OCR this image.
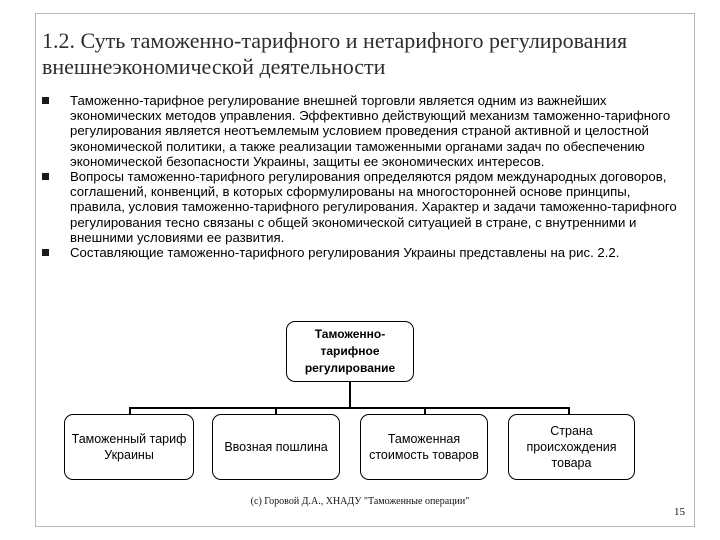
1.2. Суть таможенно-тарифного и нетарифного регулирования внешнеэкономической деятельности
Таможенно-тарифное регулирование внешней торговли является одним из важнейших экономических методов управления. Эффективно действующий механизм таможенно-тарифного регулирования является неотъемлемым условием проведения страной активной и целостной экономической политики, а также реализации таможенными органами задач по обеспечению экономической безопасности Украины, защиты ее экономических интересов.
Вопросы таможенно-тарифного регулирования определяются рядом международных договоров, соглашений, конвенций, в которых сформулированы на многосторонней основе принципы, правила, условия таможенно-тарифного регулирования. Характер и задачи таможенно-тарифного регулирования тесно связаны с общей экономической ситуацией в стране, с внутренними и внешними условиями ее развития.
Составляющие таможенно-тарифного регулирования Украины представлены на рис. 2.2.
Таможенно-тарифное регулирование
Таможенный тариф Украины
Ввозная пошлина
Таможенная стоимость товаров
Страна происхождения товара
(с) Горовой Д.А., ХНАДУ "Таможенные операции"
15
